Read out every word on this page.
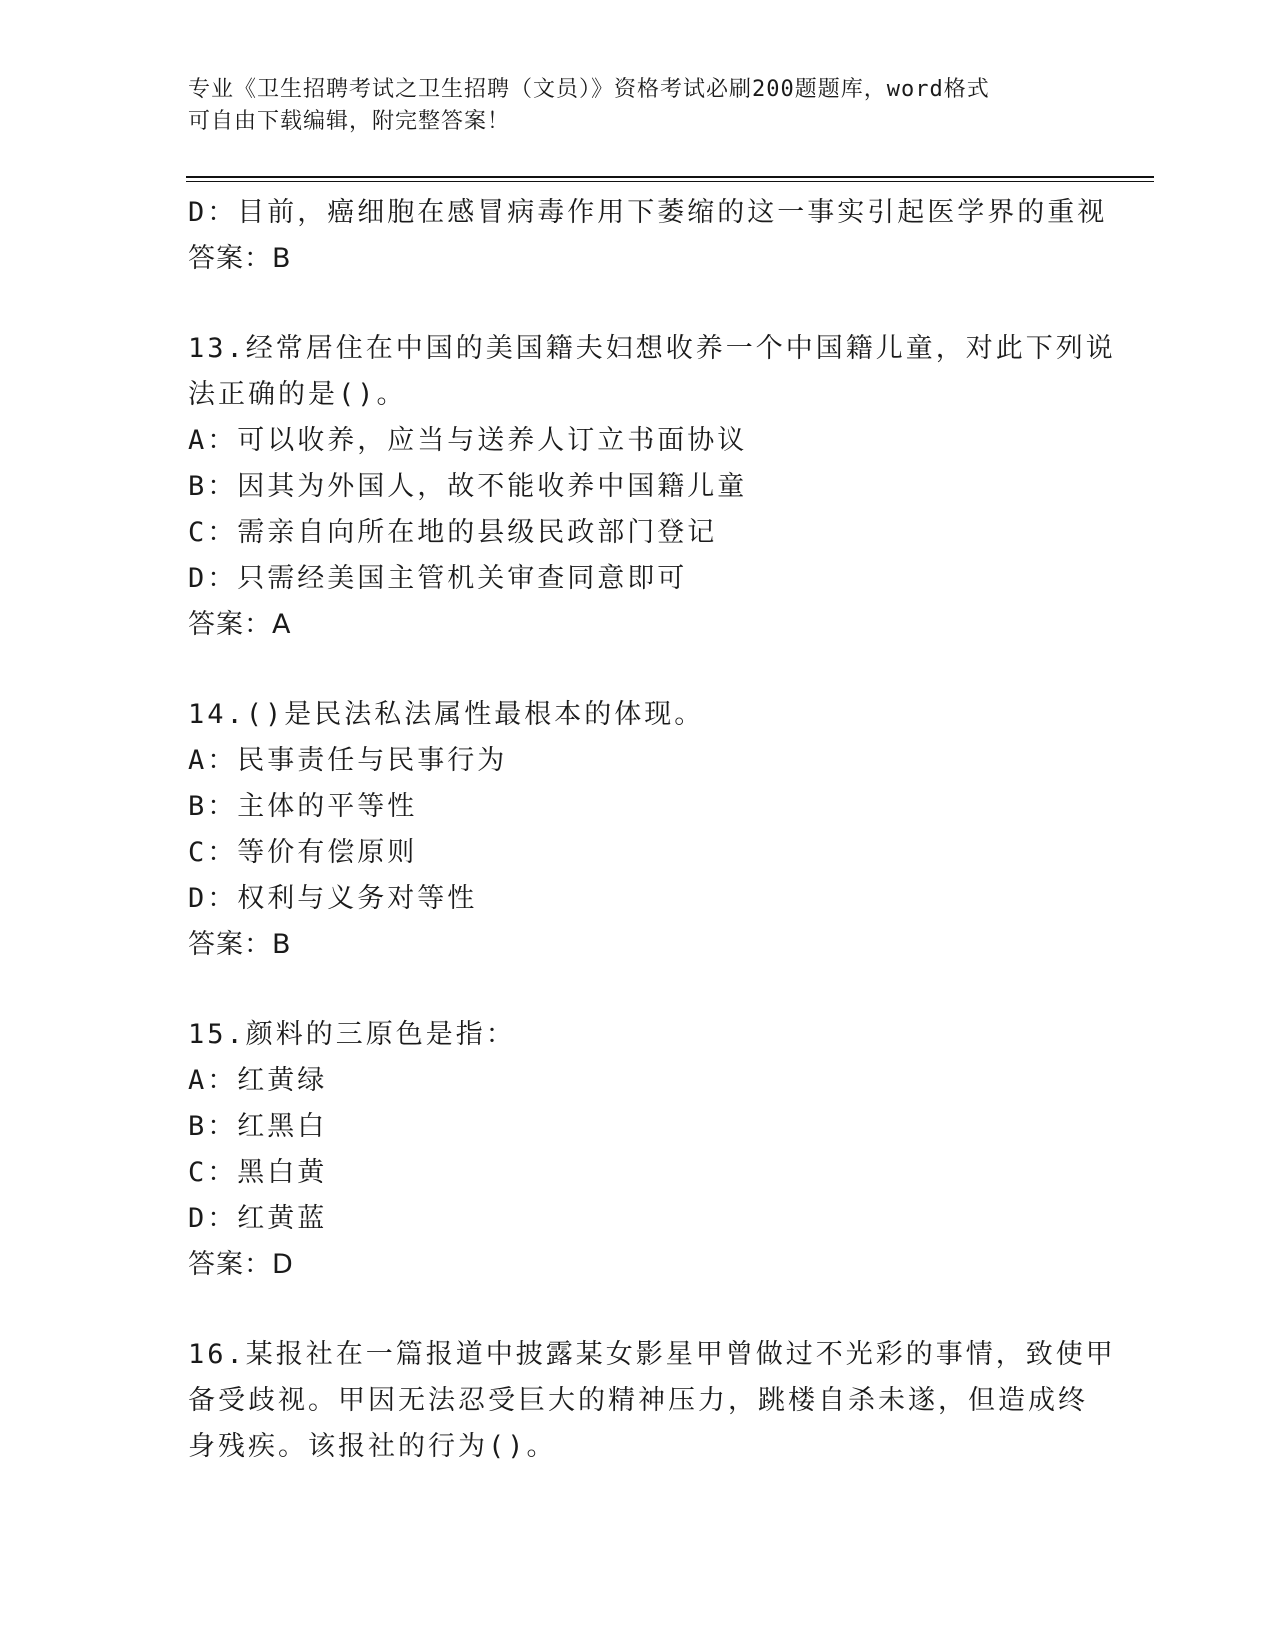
专业《卫生招聘考试之卫生招聘（文员）》资格考试必刷200题题库，word格式
可自由下载编辑，附完整答案！
D：目前，癌细胞在感冒病毒作用下萎缩的这一事实引起医学界的重视
答案：B
13.经常居住在中国的美国籍夫妇想收养一个中国籍儿童，对此下列说
法正确的是()。
A：可以收养，应当与送养人订立书面协议
B：因其为外国人，故不能收养中国籍儿童
C：需亲自向所在地的县级民政部门登记
D：只需经美国主管机关审查同意即可
答案：A
14.()是民法私法属性最根本的体现。
A：民事责任与民事行为
B：主体的平等性
C：等价有偿原则
D：权利与义务对等性
答案：B
15.颜料的三原色是指：
A：红黄绿
B：红黑白
C：黑白黄
D：红黄蓝
答案：D
16.某报社在一篇报道中披露某女影星甲曾做过不光彩的事情，致使甲
备受歧视。甲因无法忍受巨大的精神压力，跳楼自杀未遂，但造成终
身残疾。该报社的行为()。
